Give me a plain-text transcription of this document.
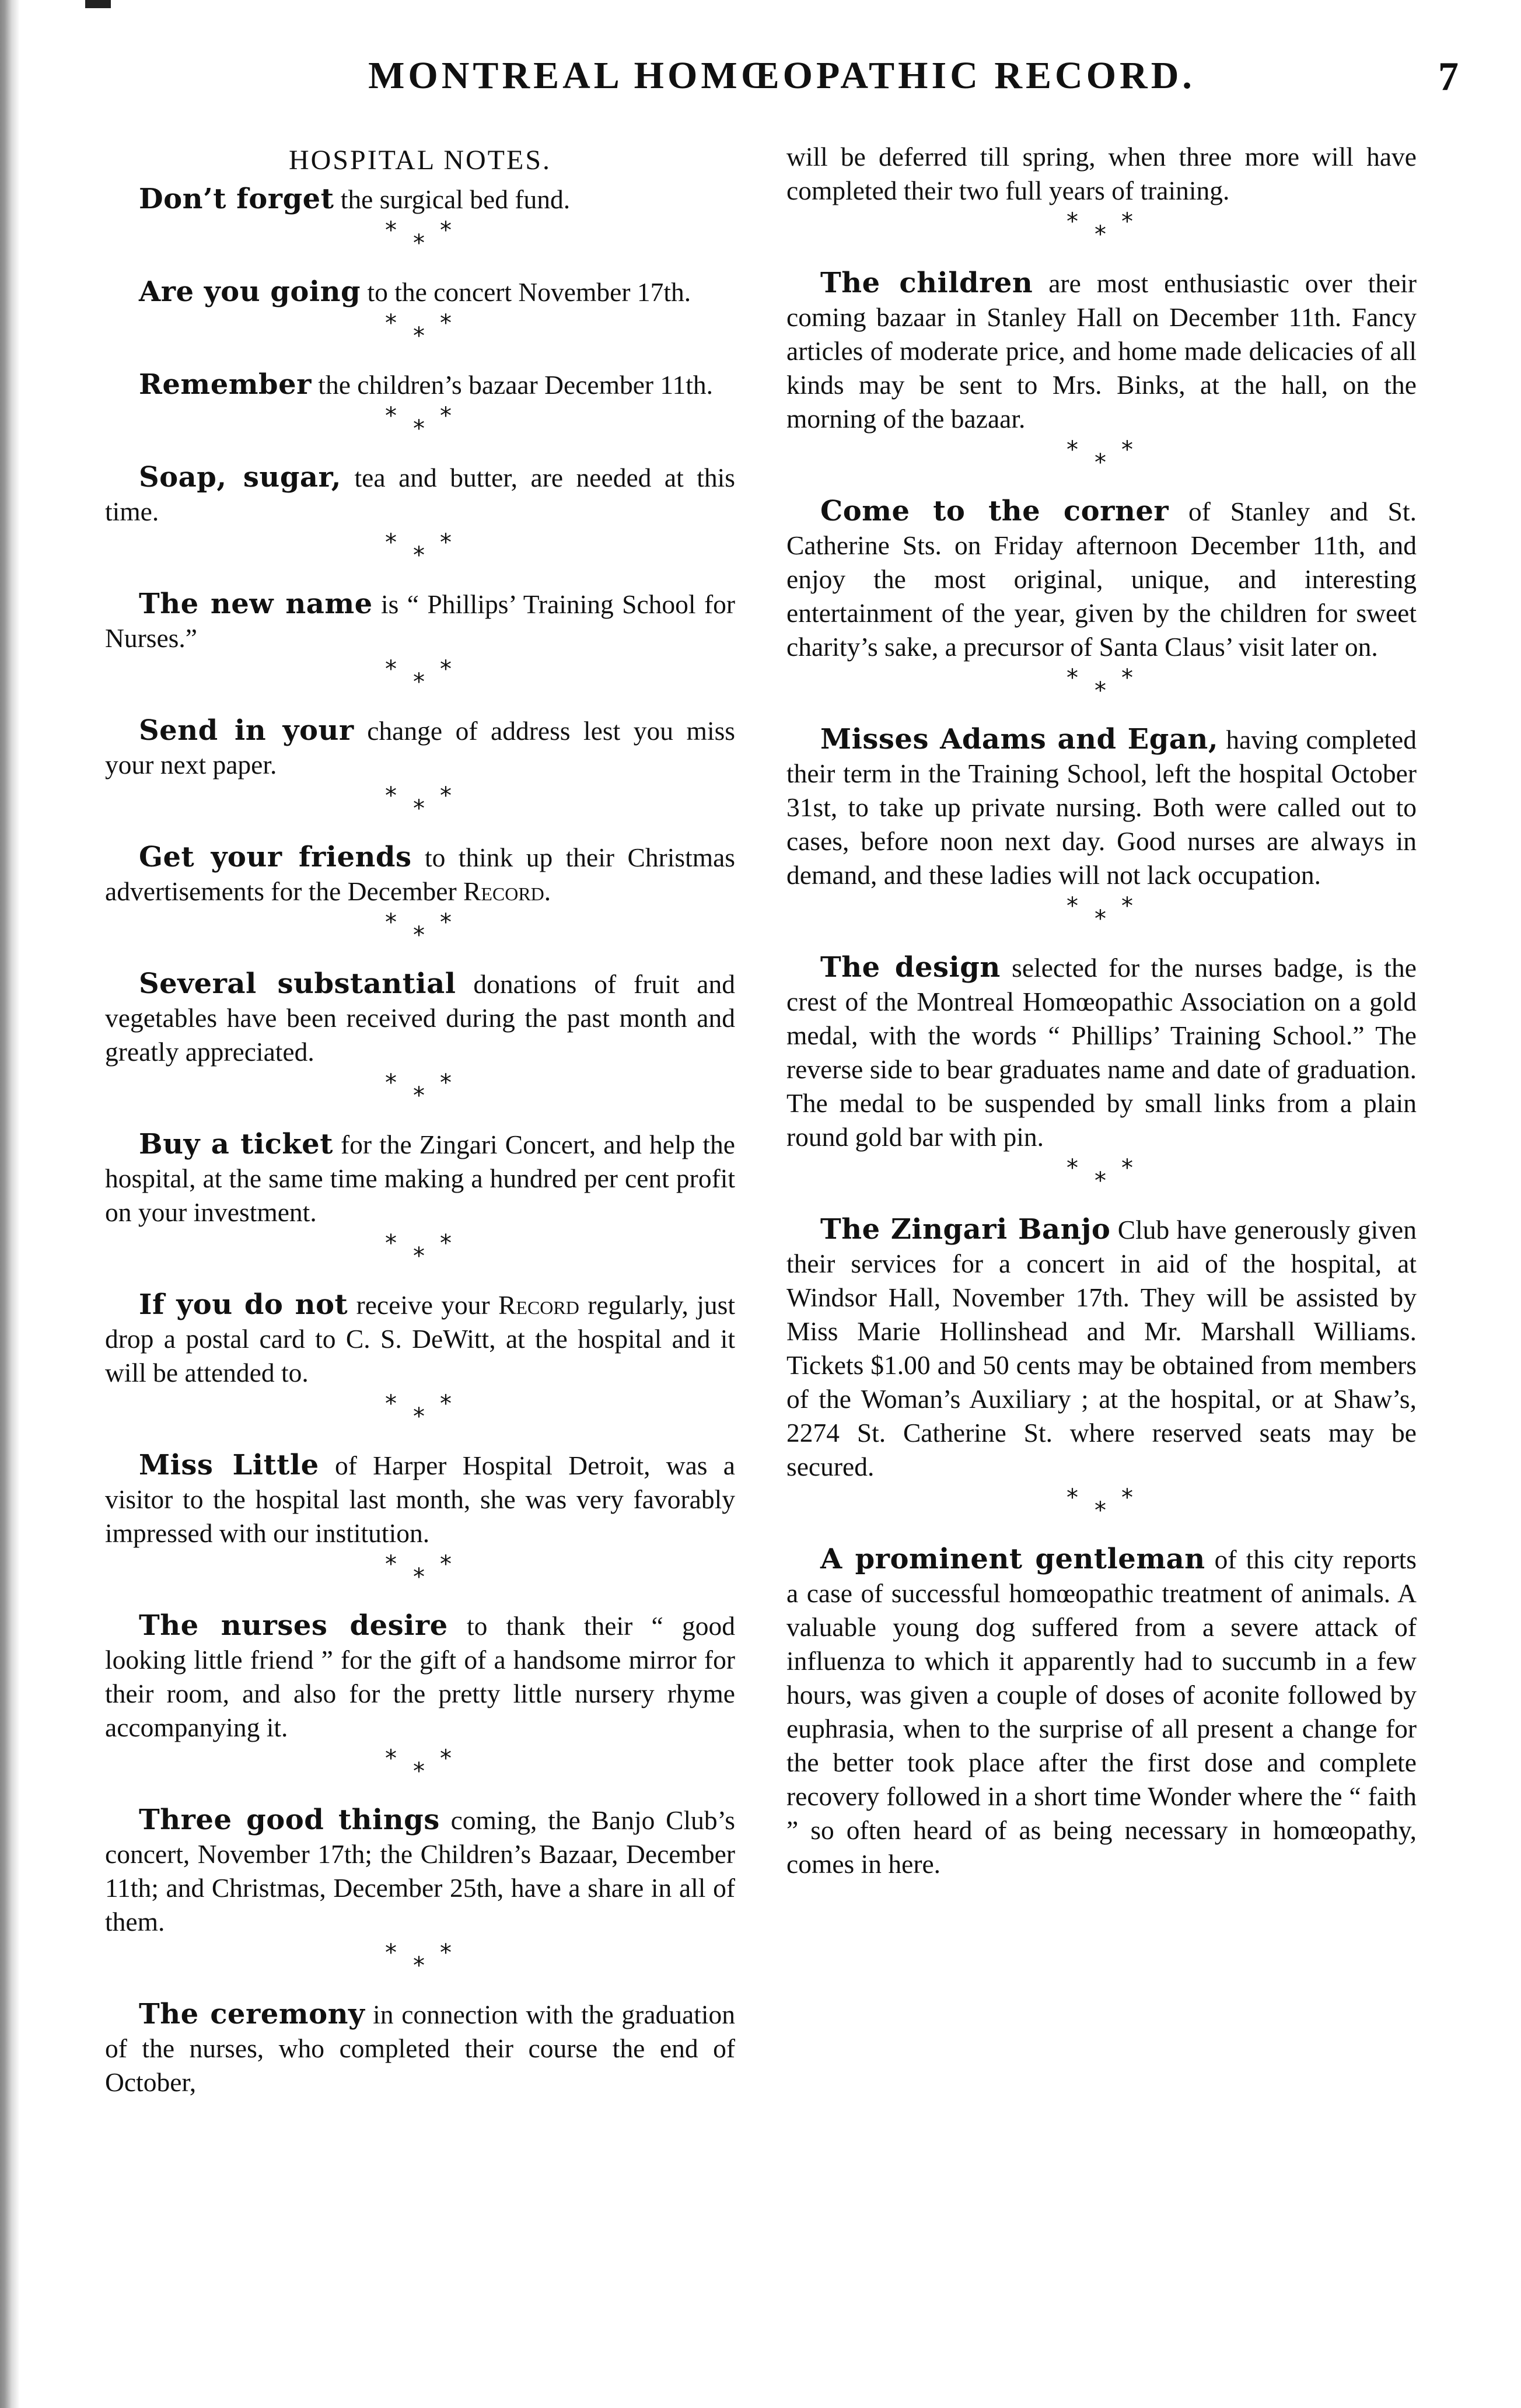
MONTREAL HOMŒOPATHIC RECORD.	7
HOSPITAL NOTES.

Don’t forget the surgical bed fund.

* * *

Are you going to the concert November 17th.

* * *

Remember the children’s bazaar December 11th.

* * *

Soap, sugar, tea and butter, are needed at this time.

* * *

The new name is “ Phillips’ Training School for Nurses.”

* * *

Send in your change of address lest you miss your next paper.

* * *

Get your friends to think up their Christmas advertisements for the December Record.

* * *

Several substantial donations of fruit and vegetables have been received during the past month and greatly appreciated.

* * *

Buy a ticket for the Zingari Concert, and help the hospital, at the same time making a hundred per cent profit on your investment.

* * *

If you do not receive your Record regularly, just drop a postal card to C. S. DeWitt, at the hospital and it will be attended to.

* * *

Miss Little of Harper Hospital Detroit, was a visitor to the hospital last month, she was very favorably impressed with our institution.

* * *

The nurses desire to thank their “ good looking little friend ” for the gift of a handsome mirror for their room, and also for the pretty little nursery rhyme accompanying it.

* * *

Three good things coming, the Banjo Club’s concert, November 17th; the Children’s Bazaar, December 11th; and Christmas, December 25th, have a share in all of them.

* * *

The ceremony in connection with the graduation of the nurses, who completed their course the end of October,

will be deferred till spring, when three more will have completed their two full years of training.

* * *

The children are most enthusiastic over their coming bazaar in Stanley Hall on December 11th. Fancy articles of moderate price, and home made delicacies of all kinds may be sent to Mrs. Binks, at the hall, on the morning of the bazaar.

* * *

Come to the corner of Stanley and St. Catherine Sts. on Friday afternoon December 11th, and enjoy the most original, unique, and interesting entertainment of the year, given by the children for sweet charity’s sake, a precursor of Santa Claus’ visit later on.

* * *

Misses Adams and Egan, having completed their term in the Training School, left the hospital October 31st, to take up private nursing. Both were called out to cases, before noon next day. Good nurses are always in demand, and these ladies will not lack occupation.

* * *

The design selected for the nurses badge, is the crest of the Montreal Homœopathic Association on a gold medal, with the words “ Phillips’ Training School.” The reverse side to bear graduates name and date of graduation. The medal to be suspended by small links from a plain round gold bar with pin.

* * *

The Zingari Banjo Club have generously given their services for a concert in aid of the hospital, at Windsor Hall, November 17th. They will be assisted by Miss Marie Hollinshead and Mr. Marshall Williams. Tickets $1.00 and 50 cents may be obtained from members of the Woman’s Auxiliary ; at the hospital, or at Shaw’s, 2274 St. Catherine St. where reserved seats may be secured.

* * *

A prominent gentleman of this city reports a case of successful homœopathic treatment of animals. A valuable young dog suffered from a severe attack of influenza to which it apparently had to succumb in a few hours, was given a couple of doses of aconite followed by euphrasia, when to the surprise of all present a change for the better took place after the first dose and complete recovery followed in a short time Wonder where the “ faith ” so often heard of as being necessary in homœopathy, comes in here.
